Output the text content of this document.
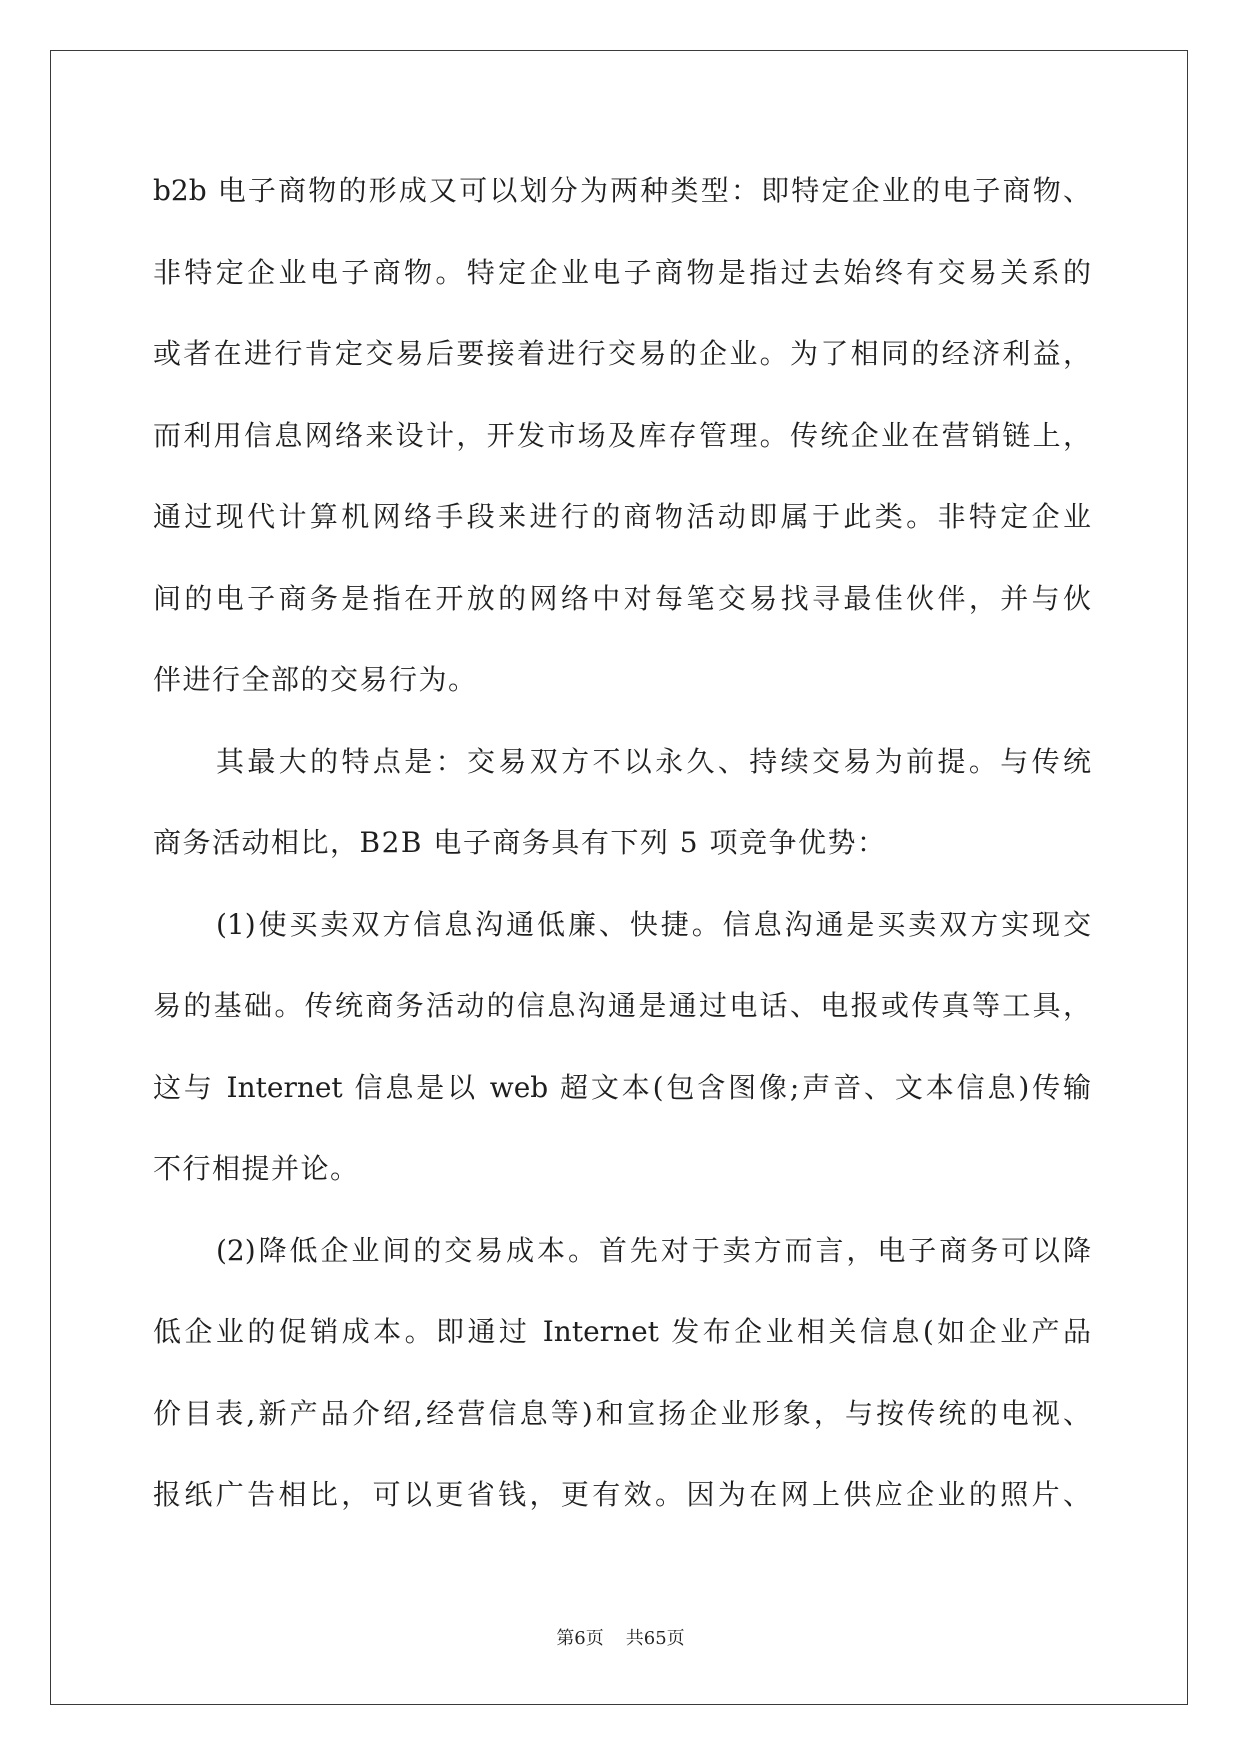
b2b 电子商物的形成又可以划分为两种类型：即特定企业的电子商物、
非特定企业电子商物。特定企业电子商物是指过去始终有交易关系的
或者在进行肯定交易后要接着进行交易的企业。为了相同的经济利益，
而利用信息网络来设计，开发市场及库存管理。传统企业在营销链上，
通过现代计算机网络手段来进行的商物活动即属于此类。非特定企业
间的电子商务是指在开放的网络中对每笔交易找寻最佳伙伴，并与伙
伴进行全部的交易行为。
其最大的特点是：交易双方不以永久、持续交易为前提。与传统
商务活动相比，B2B 电子商务具有下列 5 项竞争优势：
(1)使买卖双方信息沟通低廉、快捷。信息沟通是买卖双方实现交
易的基础。传统商务活动的信息沟通是通过电话、电报或传真等工具，
这与 Internet 信息是以 web 超文本(包含图像;声音、文本信息)传输
不行相提并论。
(2)降低企业间的交易成本。首先对于卖方而言，电子商务可以降
低企业的促销成本。即通过 Internet 发布企业相关信息(如企业产品
价目表,新产品介绍,经营信息等)和宣扬企业形象，与按传统的电视、
报纸广告相比，可以更省钱，更有效。因为在网上供应企业的照片、
第6页 共65页
